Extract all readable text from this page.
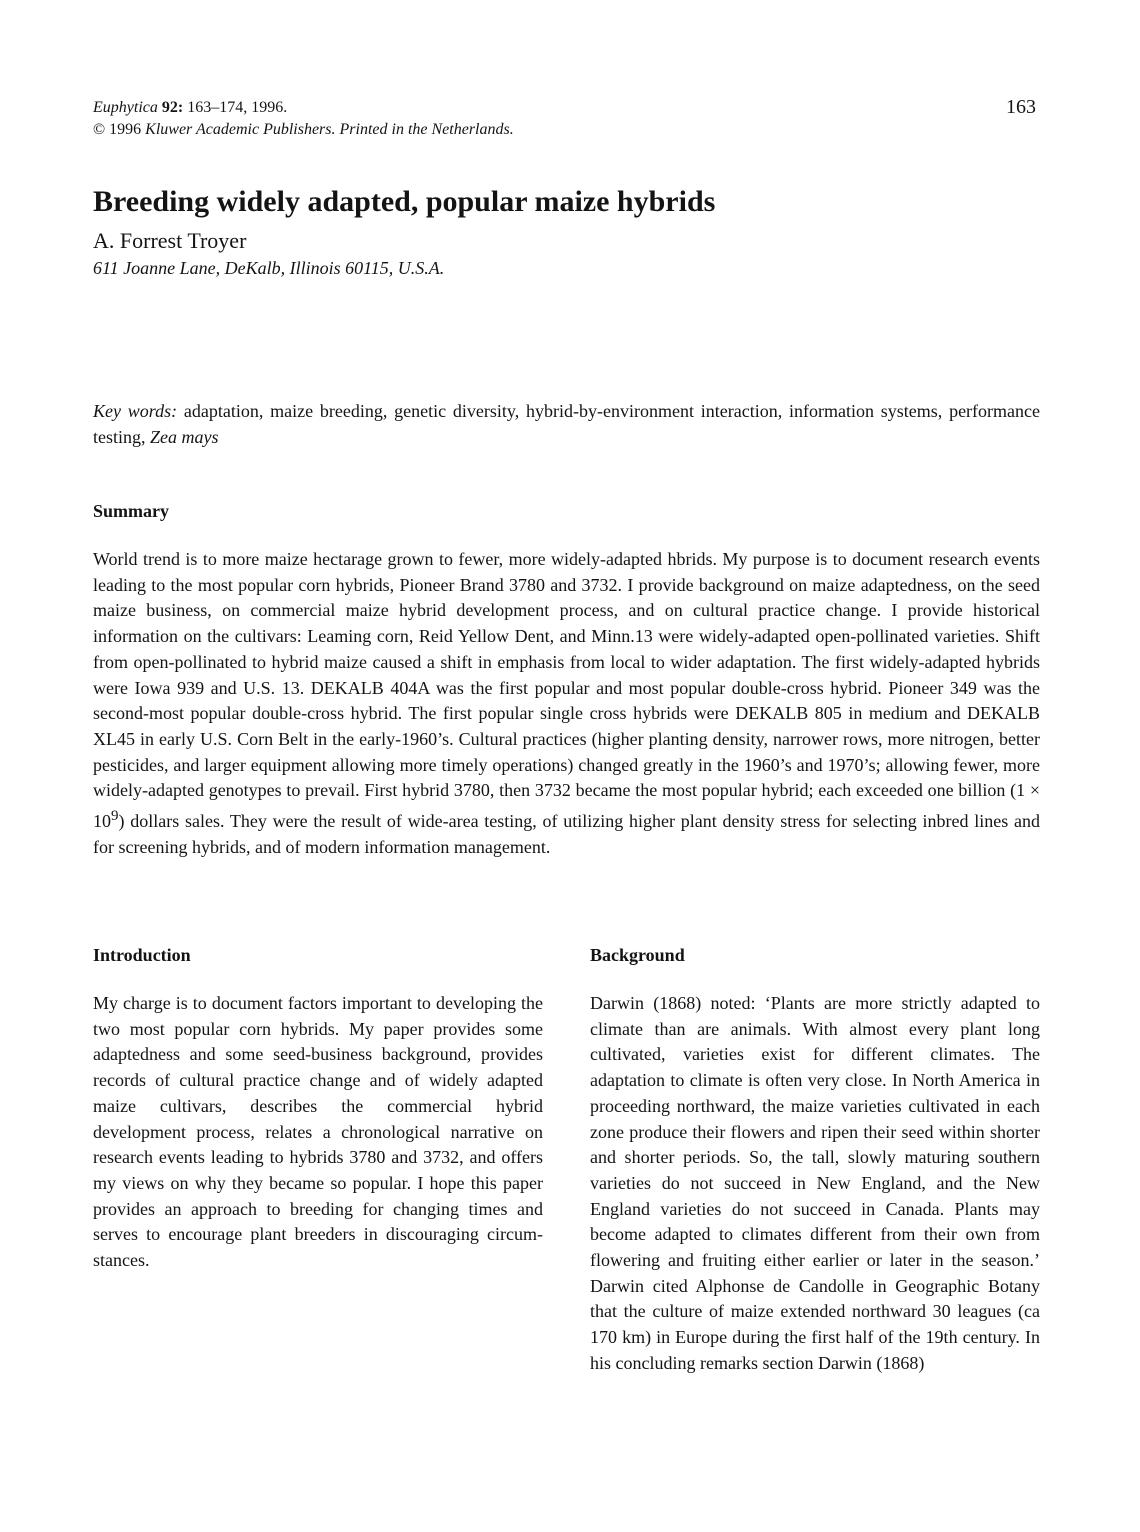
Euphytica 92: 163–174, 1996.
© 1996 Kluwer Academic Publishers. Printed in the Netherlands.
163
Breeding widely adapted, popular maize hybrids
A. Forrest Troyer
611 Joanne Lane, DeKalb, Illinois 60115, U.S.A.
Key words: adaptation, maize breeding, genetic diversity, hybrid-by-environment interaction, information systems, performance testing, Zea mays
Summary

World trend is to more maize hectarage grown to fewer, more widely-adapted hbrids. My purpose is to document research events leading to the most popular corn hybrids, Pioneer Brand 3780 and 3732. I provide background on maize adaptedness, on the seed maize business, on commercial maize hybrid development process, and on cultural practice change. I provide historical information on the cultivars: Leaming corn, Reid Yellow Dent, and Minn.13 were widely-adapted open-pollinated varieties. Shift from open-pollinated to hybrid maize caused a shift in emphasis from local to wider adaptation. The first widely-adapted hybrids were Iowa 939 and U.S. 13. DEKALB 404A was the first popular and most popular double-cross hybrid. Pioneer 349 was the second-most popular double-cross hybrid. The first popular single cross hybrids were DEKALB 805 in medium and DEKALB XL45 in early U.S. Corn Belt in the early-1960’s. Cultural practices (higher planting density, narrower rows, more nitrogen, better pesticides, and larger equipment allowing more timely operations) changed greatly in the 1960’s and 1970’s; allowing fewer, more widely-adapted genotypes to prevail. First hybrid 3780, then 3732 became the most popular hybrid; each exceeded one billion $(1 \times 10^9)$ dollars sales. They were the result of wide-area testing, of utilizing higher plant density stress for selecting inbred lines and for screening hybrids, and of modern information management.

Introduction

My charge is to document factors important to developing the two most popular corn hybrids. My paper provides some adaptedness and some seed-business background, provides records of cultural practice change and of widely adapted maize cultivars, describes the commercial hybrid development process, relates a chronological narrative on research events leading to hybrids 3780 and 3732, and offers my views on why they became so popular. I hope this paper provides an approach to breeding for changing times and serves to encourage plant breeders in discouraging circumstances.

Background

Darwin (1868) noted: ‘Plants are more strictly adapted to climate than are animals. With almost every plant long cultivated, varieties exist for different climates. The adaptation to climate is often very close. In North America in proceeding northward, the maize varieties cultivated in each zone produce their flowers and ripen their seed within shorter and shorter periods. So, the tall, slowly maturing southern varieties do not succeed in New England, and the New England varieties do not succeed in Canada. Plants may become adapted to climates different from their own from flowering and fruiting either earlier or later in the season.’ Darwin cited Alphonse de Candolle in Geographic Botany that the culture of maize extended northward 30 leagues (ca 170 km) in Europe during the first half of the 19th century. In his concluding remarks section Darwin (1868)
